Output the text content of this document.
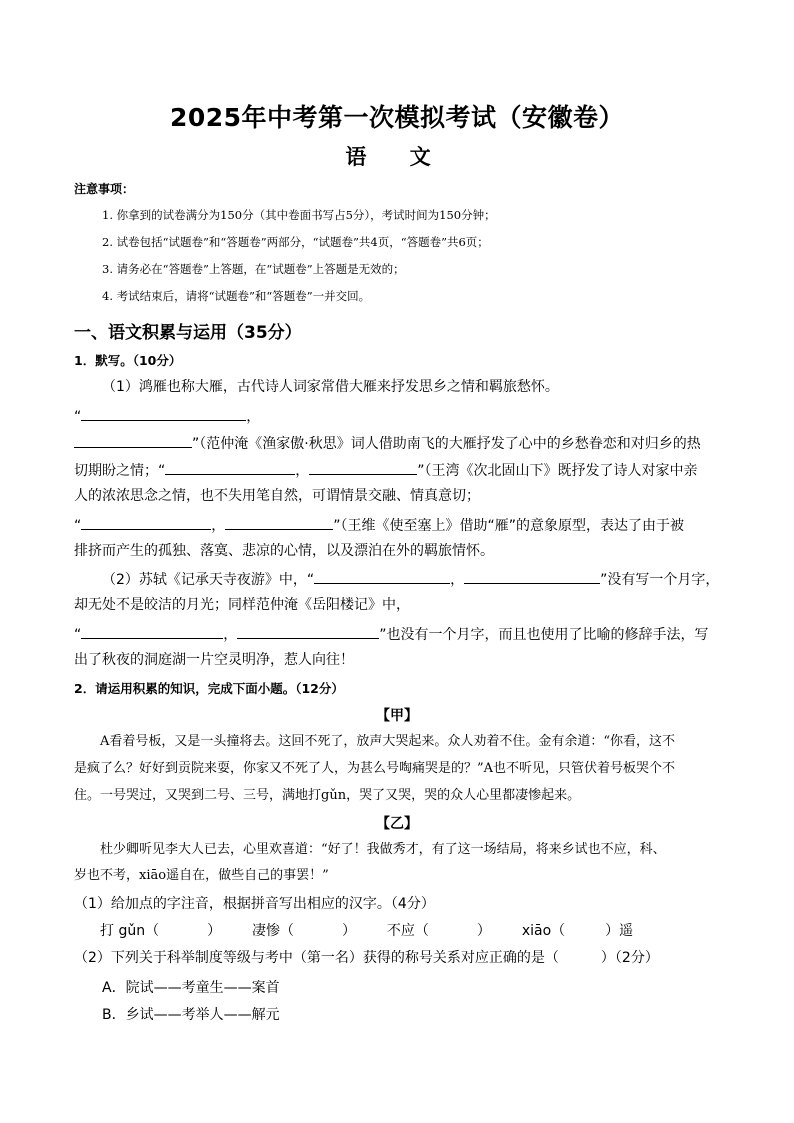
2025年中考第一次模拟考试（安徽卷）
语 文
注意事项：
1. 你拿到的试卷满分为150分（其中卷面书写占5分），考试时间为150分钟；
2. 试卷包括“试题卷”和“答题卷”两部分，“试题卷”共4页，“答题卷”共6页；
3. 请务必在“答题卷”上答题，在“试题卷”上答题是无效的；
4. 考试结束后，请将“试题卷”和“答题卷”一并交回。
一、语文积累与运用（35分）
1．默写。（10分）
（1）鸿雁也称大雁，古代诗人词家常借大雁来抒发思乡之情和羁旅愁怀。
“	，
”（范仲淹《渔家傲·秋思》词人借助南飞的大雁抒发了心中的乡愁眷恋和对归乡的热
切期盼之情；“	，	”（王湾《次北固山下》既抒发了诗人对家中亲
人的浓浓思念之情，也不失用笔自然，可谓情景交融、情真意切；
“	，	”（王维《使至塞上》借助“雁”的意象原型，表达了由于被
排挤而产生的孤独、落寞、悲凉的心情，以及漂泊在外的羁旅情怀。
（2）苏轼《记承天寺夜游》中，“	，	”没有写一个月字，
却无处不是皎洁的月光；同样范仲淹《岳阳楼记》中，
“	，	”也没有一个月字，而且也使用了比喻的修辞手法，写
出了秋夜的洞庭湖一片空灵明净，惹人向往！
2．请运用积累的知识，完成下面小题。（12分）
【甲】
　　A看着号板，又是一头撞将去。这回不死了，放声大哭起来。众人劝着不住。金有余道：“你看，这不
是疯了么？好好到贡院来耍，你家又不死了人，为甚么号啕痛哭是的？”A也不听见，只管伏着号板哭个不
住。一号哭过，又哭到二号、三号，满地打gǔn，哭了又哭，哭的众人心里都凄惨起来。
【乙】
　　杜少卿听见李大人已去，心里欢喜道：“好了！我做秀才，有了这一场结局，将来乡试也不应，科、
岁也不考，xiāo遥自在，做些自己的事罢！”
（1）给加点的字注音，根据拼音写出相应的汉字。（4分）
打 gǔn（	） 凄惨（	） 不应（	） xiāo（	）遥
（2）下列关于科举制度等级与考中（第一名）获得的称号关系对应正确的是（	）（2分）
A．院试——考童生——案首
B．乡试——考举人——解元
